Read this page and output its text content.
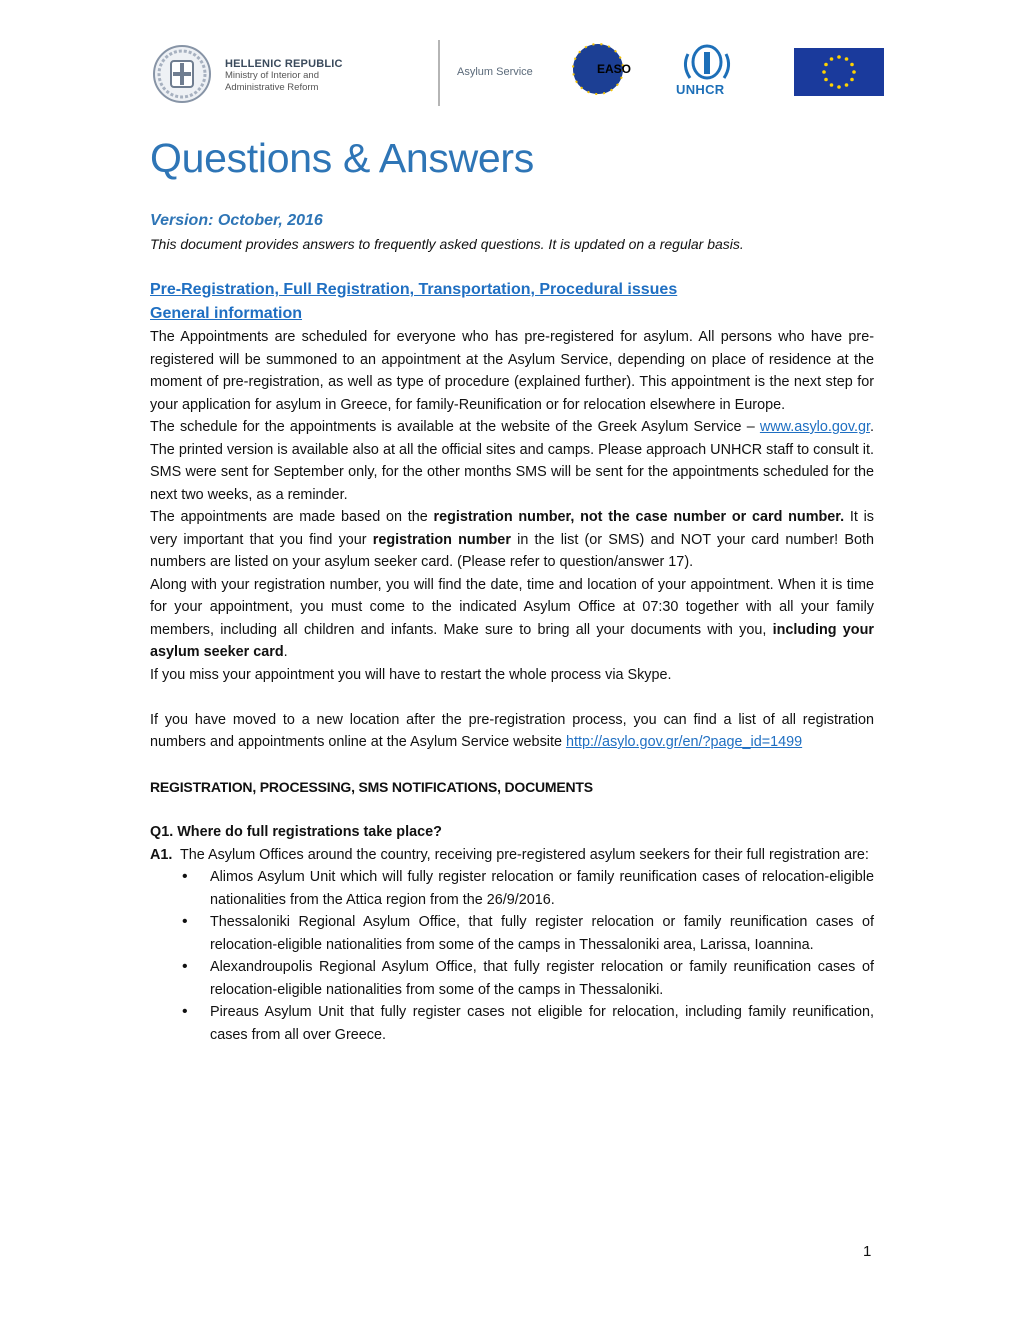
HELLENIC REPUBLIC
Ministry of Interior and
Administrative Reform
Asylum Service	EASO
UNHCR
Questions & Answers
Version: October, 2016
This document provides answers to frequently asked questions. It is updated on a regular basis.
Pre-Registration, Full Registration, Transportation, Procedural issues
General information

The Appointments are scheduled for everyone who has pre-registered for asylum. All persons who have pre-registered will be summoned to an appointment at the Asylum Service, depending on place of residence at the moment of pre-registration, as well as type of procedure (explained further). This appointment is the next step for your application for asylum in Greece, for family-Reunification or for relocation elsewhere in Europe.

The schedule for the appointments is available at the website of the Greek Asylum Service – www.asylo.gov.gr. The printed version is available also at all the official sites and camps. Please approach UNHCR staff to consult it. SMS were sent for September only, for the other months SMS will be sent for the appointments scheduled for the next two weeks, as a reminder.

The appointments are made based on the registration number, not the case number or card number. It is very important that you find your registration number in the list (or SMS) and NOT your card number! Both numbers are listed on your asylum seeker card. (Please refer to question/answer 17).

Along with your registration number, you will find the date, time and location of your appointment. When it is time for your appointment, you must come to the indicated Asylum Office at 07:30 together with all your family members, including all children and infants. Make sure to bring all your documents with you, including your asylum seeker card.

If you miss your appointment you will have to restart the whole process via Skype.

If you have moved to a new location after the pre-registration process, you can find a list of all registration numbers and appointments online at the Asylum Service website http://asylo.gov.gr/en/?page_id=1499

REGISTRATION, PROCESSING, SMS NOTIFICATIONS, DOCUMENTS
Q1. Where do full registrations take place?
A1. The Asylum Offices around the country, receiving pre-registered asylum seekers for their full registration are:
• Alimos Asylum Unit which will fully register relocation or family reunification cases of relocation-eligible nationalities from the Attica region from the 26/9/2016.
• Thessaloniki Regional Asylum Office, that fully register relocation or family reunification cases of relocation-eligible nationalities from some of the camps in Thessaloniki area, Larissa, Ioannina.
• Alexandroupolis Regional Asylum Office, that fully register relocation or family reunification cases of relocation-eligible nationalities from some of the camps in Thessaloniki.
• Pireaus Asylum Unit that fully register cases not eligible for relocation, including family reunification, cases from all over Greece.
1
